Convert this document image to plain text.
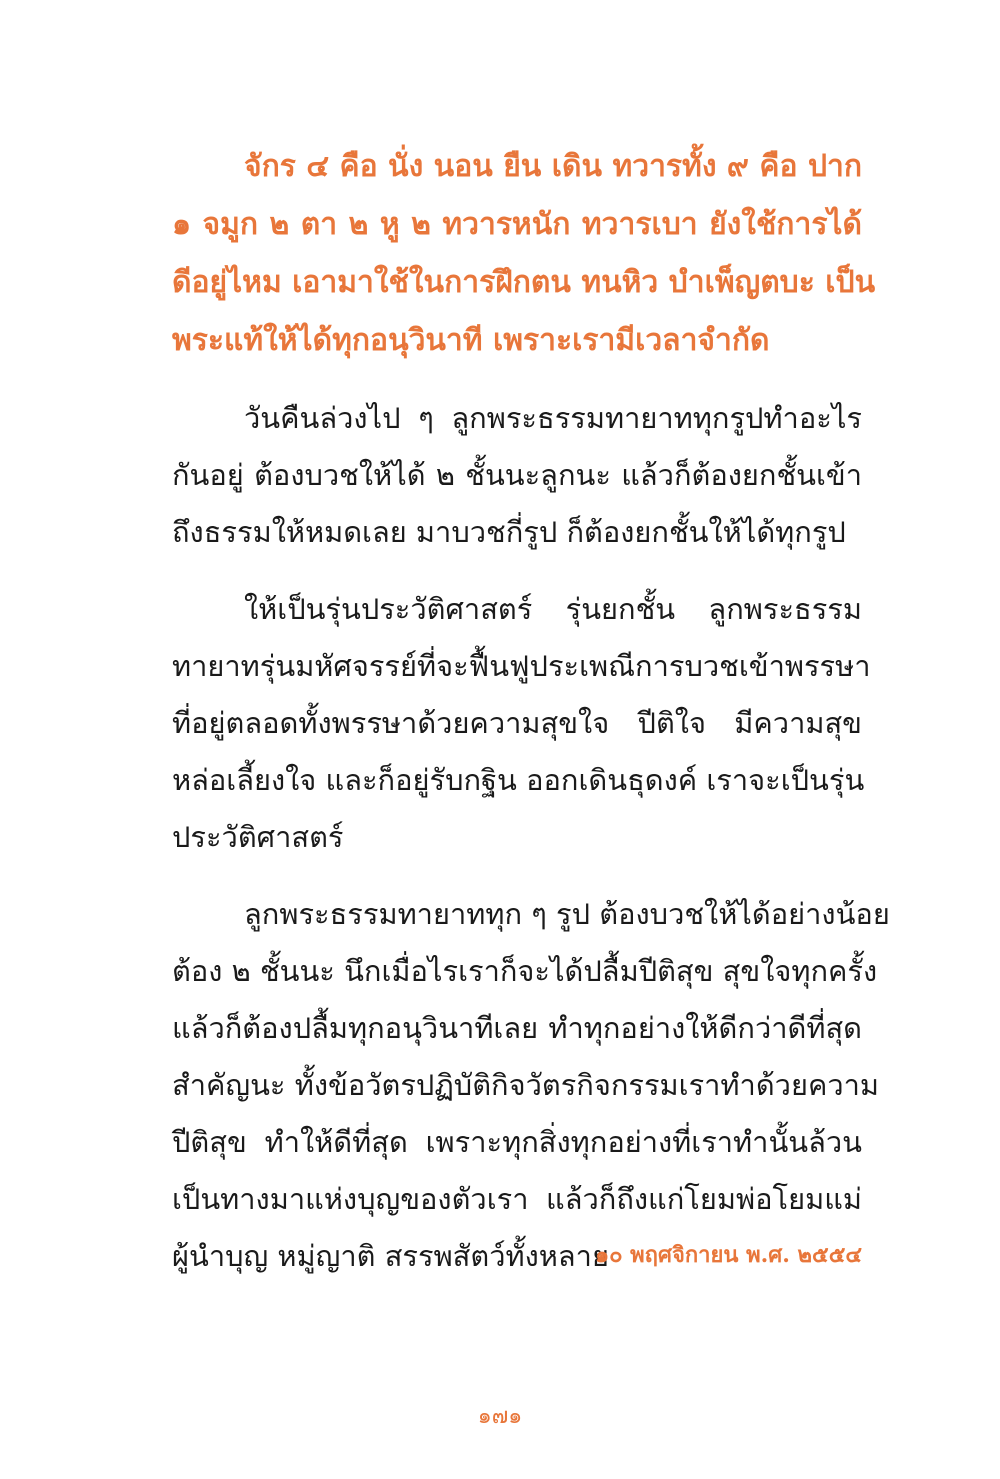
จักร ๔ คือ นั่ง นอน ยืน เดิน ทวารทั้ง ๙ คือ ปาก
๑ จมูก ๒ ตา ๒ หู ๒ ทวารหนัก ทวารเบา ยังใช้การได้
ดีอยู่ไหม เอามาใช้ในการฝึกตน ทนหิว บำเพ็ญตบะ เป็น
พระแท้ให้ได้ทุกอนุวินาที เพราะเรามีเวลาจำกัด
วันคืนล่วงไป ๆ ลูกพระธรรมทายาททุกรูปทำอะไร
กันอยู่ ต้องบวชให้ได้ ๒ ชั้นนะลูกนะ แล้วก็ต้องยกชั้นเข้า
ถึงธรรมให้หมดเลย มาบวชกี่รูป ก็ต้องยกชั้นให้ได้ทุกรูป
ให้เป็นรุ่นประวัติศาสตร์ รุ่นยกชั้น ลูกพระธรรม
ทายาทรุ่นมหัศจรรย์ที่จะฟื้นฟูประเพณีการบวชเข้าพรรษา
ที่อยู่ตลอดทั้งพรรษาด้วยความสุขใจ ปีติใจ มีความสุข
หล่อเลี้ยงใจ และก็อยู่รับกฐิน ออกเดินธุดงค์ เราจะเป็นรุ่น
ประวัติศาสตร์
ลูกพระธรรมทายาททุก ๆ รูป ต้องบวชให้ได้อย่างน้อย
ต้อง ๒ ชั้นนะ นึกเมื่อไรเราก็จะได้ปลื้มปีติสุข สุขใจทุกครั้ง
แล้วก็ต้องปลื้มทุกอนุวินาทีเลย ทำทุกอย่างให้ดีกว่าดีที่สุด
สำคัญนะ ทั้งข้อวัตรปฏิบัติกิจวัตรกิจกรรมเราทำด้วยความ
ปีติสุข ทำให้ดีที่สุด เพราะทุกสิ่งทุกอย่างที่เราทำนั้นล้วน
เป็นทางมาแห่งบุญของตัวเรา แล้วก็ถึงแก่โยมพ่อโยมแม่
ผู้นำบุญ หมู่ญาติ สรรพสัตว์ทั้งหลาย
๑๐ พฤศจิกายน พ.ศ. ๒๕๕๔
๑๗๑
